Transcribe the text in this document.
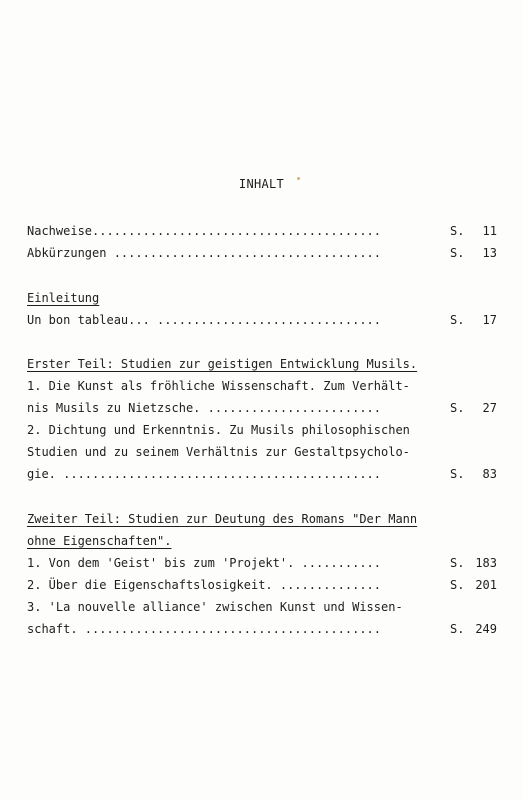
INHALT
Nachweise........................................	S. 11
Abkürzungen .....................................	S. 13
Einleitung
Un bon tableau... ...............................	S. 17
Erster Teil: Studien zur geistigen Entwicklung Musils.
1. Die Kunst als fröhliche Wissenschaft. Zum Verhält-
nis Musils zu Nietzsche. ........................	S. 27
2. Dichtung und Erkenntnis. Zu Musils philosophischen
Studien und zu seinem Verhältnis zur Gestaltpsycholo-
gie. ............................................	S. 83
Zweiter Teil: Studien zur Deutung des Romans "Der Mann
ohne Eigenschaften".
1. Von dem 'Geist' bis zum 'Projekt'. ...........	S. 183
2. Über die Eigenschaftslosigkeit. ..............	S. 201
3. 'La nouvelle alliance' zwischen Kunst und Wissen-
schaft. .........................................	S. 249
